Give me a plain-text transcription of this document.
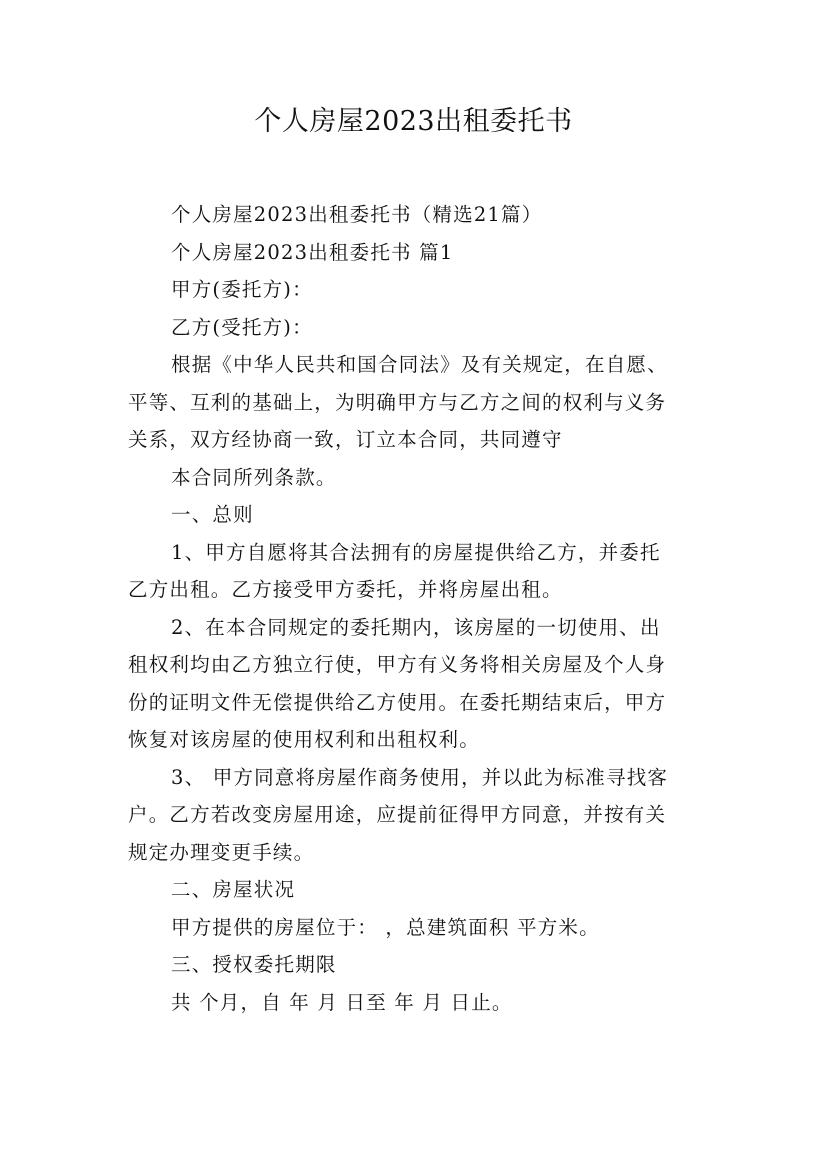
个人房屋2023出租委托书
个人房屋2023出租委托书（精选21篇）
个人房屋2023出租委托书 篇1
甲方(委托方)：
乙方(受托方)：
根据《中华人民共和国合同法》及有关规定，在自愿、
平等、互利的基础上，为明确甲方与乙方之间的权利与义务
关系，双方经协商一致，订立本合同，共同遵守
本合同所列条款。
一、总则
1、甲方自愿将其合法拥有的房屋提供给乙方，并委托
乙方出租。乙方接受甲方委托，并将房屋出租。
2、在本合同规定的委托期内，该房屋的一切使用、出
租权利均由乙方独立行使，甲方有义务将相关房屋及个人身
份的证明文件无偿提供给乙方使用。在委托期结束后，甲方
恢复对该房屋的使用权利和出租权利。
3、 甲方同意将房屋作商务使用，并以此为标准寻找客
户。乙方若改变房屋用途，应提前征得甲方同意，并按有关
规定办理变更手续。
二、房屋状况
甲方提供的房屋位于： ，总建筑面积 平方米。
三、授权委托期限
共 个月，自 年 月 日至 年 月 日止。
